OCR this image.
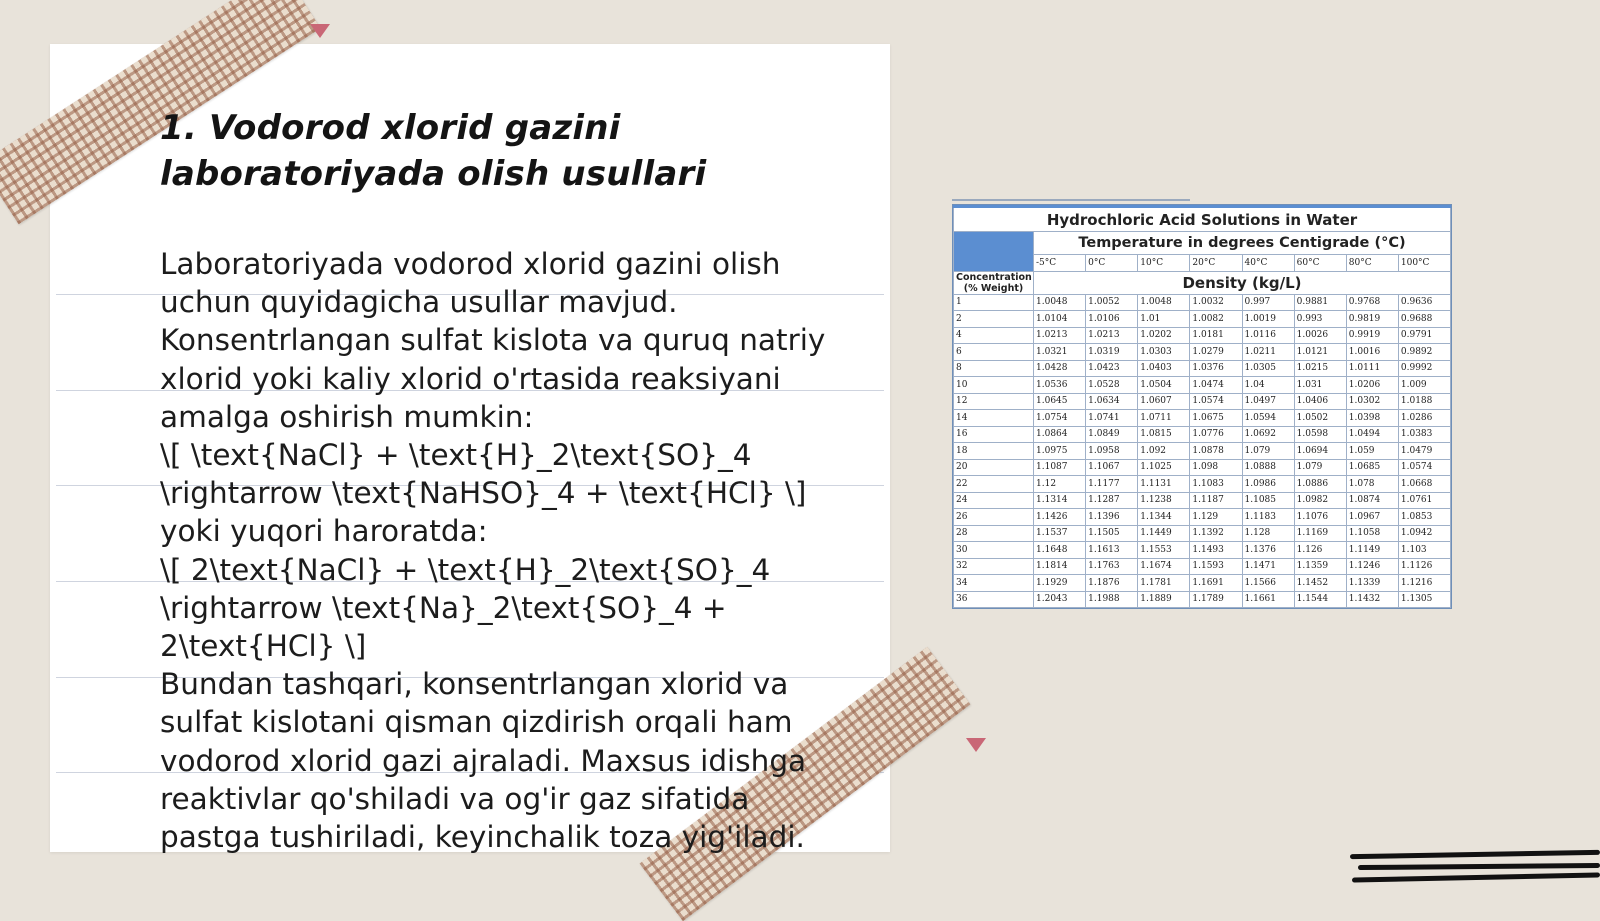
1. Vodorod xlorid gazini laboratoriyada olish usullari

Laboratoriyada vodorod xlorid gazini olish uchun quyidagicha usullar mavjud. Konsentrlangan sulfat kislota va quruq natriy xlorid yoki kaliy xlorid o'rtasida reaksiyani amalga oshirish mumkin:

\[ \text{NaCl} + \text{H}_2\text{SO}_4 \rightarrow \text{NaHSO}_4 + \text{HCl} \]

yoki yuqori haroratda:

\[ 2\text{NaCl} + \text{H}_2\text{SO}_4 \rightarrow \text{Na}_2\text{SO}_4 + 2\text{HCl} \]

Bundan tashqari, konsentrlangan xlorid va sulfat kislotani qisman qizdirish orqali ham vodorod xlorid gazi ajraladi. Maxsus idishga reaktivlar qo'shiladi va og'ir gaz sifatida pastga tushiriladi, keyinchalik toza yig'iladi.

Hydrochloric Acid Solutions in Water								
	Temperature in degrees Centigrade (°C)							
	-5°C	0°C	10°C	20°C	40°C	60°C	80°C	100°C
Concentration (% Weight)	Density (kg/L)							
1	1.0048	1.0052	1.0048	1.0032	0.997	0.9881	0.9768	0.9636
2	1.0104	1.0106	1.01	1.0082	1.0019	0.993	0.9819	0.9688
4	1.0213	1.0213	1.0202	1.0181	1.0116	1.0026	0.9919	0.9791
6	1.0321	1.0319	1.0303	1.0279	1.0211	1.0121	1.0016	0.9892
8	1.0428	1.0423	1.0403	1.0376	1.0305	1.0215	1.0111	0.9992
10	1.0536	1.0528	1.0504	1.0474	1.04	1.031	1.0206	1.009
12	1.0645	1.0634	1.0607	1.0574	1.0497	1.0406	1.0302	1.0188
14	1.0754	1.0741	1.0711	1.0675	1.0594	1.0502	1.0398	1.0286
16	1.0864	1.0849	1.0815	1.0776	1.0692	1.0598	1.0494	1.0383
18	1.0975	1.0958	1.092	1.0878	1.079	1.0694	1.059	1.0479
20	1.1087	1.1067	1.1025	1.098	1.0888	1.079	1.0685	1.0574
22	1.12	1.1177	1.1131	1.1083	1.0986	1.0886	1.078	1.0668
24	1.1314	1.1287	1.1238	1.1187	1.1085	1.0982	1.0874	1.0761
26	1.1426	1.1396	1.1344	1.129	1.1183	1.1076	1.0967	1.0853
28	1.1537	1.1505	1.1449	1.1392	1.128	1.1169	1.1058	1.0942
30	1.1648	1.1613	1.1553	1.1493	1.1376	1.126	1.1149	1.103
32	1.1814	1.1763	1.1674	1.1593	1.1471	1.1359	1.1246	1.1126
34	1.1929	1.1876	1.1781	1.1691	1.1566	1.1452	1.1339	1.1216
36	1.2043	1.1988	1.1889	1.1789	1.1661	1.1544	1.1432	1.1305
